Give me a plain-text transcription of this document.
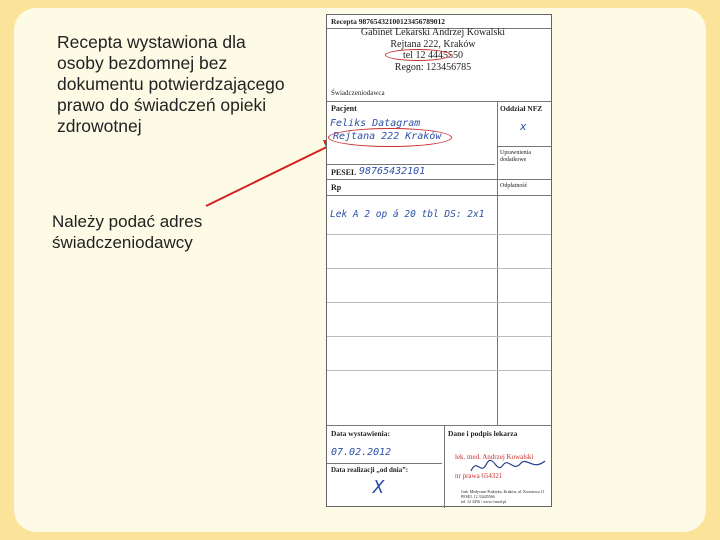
Recepta wystawiona dla osoby bezdomnej bez dokumentu potwierdzającego prawo do świadczeń opieki zdrowotnej
Należy podać adres świadczeniodawcy
Recepta 98765432100123456789012
Gabinet Lekarski Andrzej Kowalski
Rejtana 222, Kraków
tel 12 4445550
Regon: 123456785
Świadczeniodawca
Pacjent	Oddział NFZ
Feliks Datagram
Rejtana 222 Kraków
x
Uprawnienia dodatkowe
PESEL 98765432101
Rp	Odpłatność
Lek A 2 op á 20 tbl DS: 2x1
Data wystawienia:
07.02.2012
Data realizacji „od dnia”:
X
Dane i podpis lekarza
lek. med. Andrzej Kowalski
nr prawa 654321
Gab. Medyczne Praktyka, Kraków, ul. Kwiatowa 11
PESEL 12 33445566
tel. 12 3456 / www.i-med.pl
